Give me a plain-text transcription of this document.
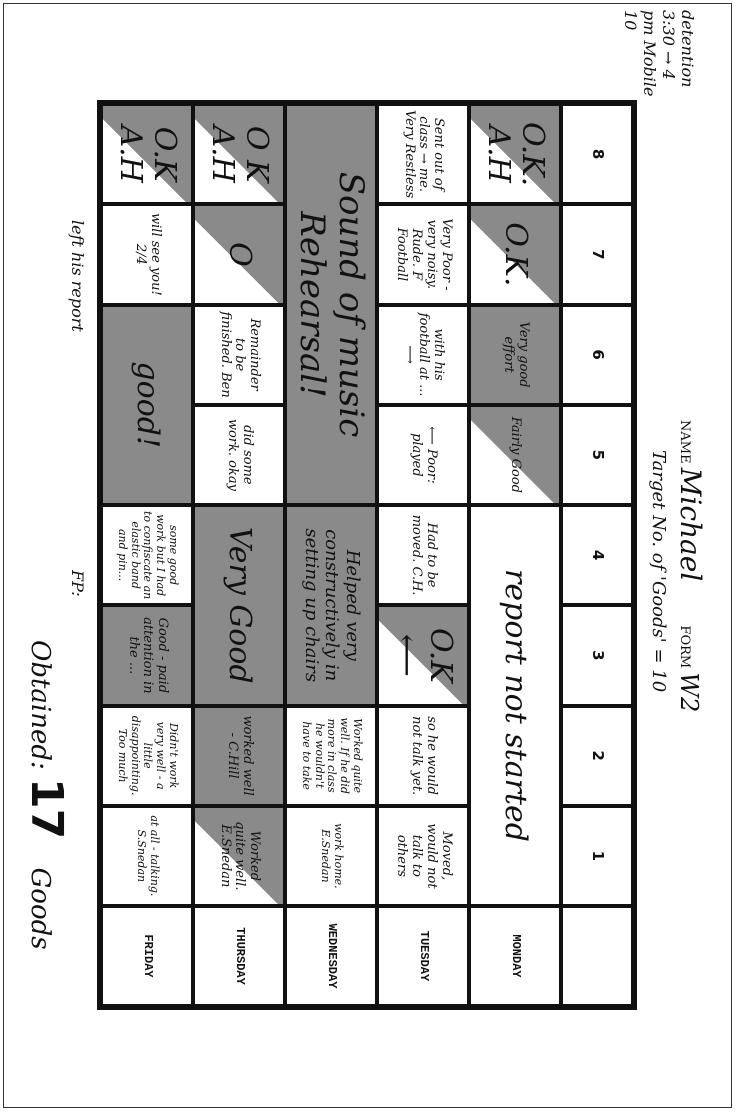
NAME Michael FORM W2
Target No. of 'Goods' = 10
8
7
6
5
4
3
2
1
O.K. A.H
O.K.
Very good effort
Fairly Good
report not started
MONDAY
Sent out of class → me. Very Restless
Very Poor - very noisy. Rude. F Football
with his football at ... ⟶
⟵ Poor: played
Had to be moved. C.H.
O.K ⟵
so he would not talk yet.
Moved, would not talk to others
TUESDAY
Sound of music Rehearsal!
Helped very constructively in setting up chairs
Worked quite well. If he did more in class he wouldn't have to take
work home. E.Snedan
WEDNESDAY
O K A.H
O
Remainder to be finished. Ben
did some work. okay
Very Good
worked well - C.Hill
Worked quite well. E.Snedan
THURSDAY
O.K A.H
will see you! 2/4
good!
some good work but I had to confiscate an elastic band and pin...
Good - paid attention in the ...
Didn't work very well - a little disappointing. Too much
at all - talking. S.Snedan
FRIDAY
left his report
FP:
Obtained: 17 Goods
detention 3:30 → 4 pm Mobile 10
